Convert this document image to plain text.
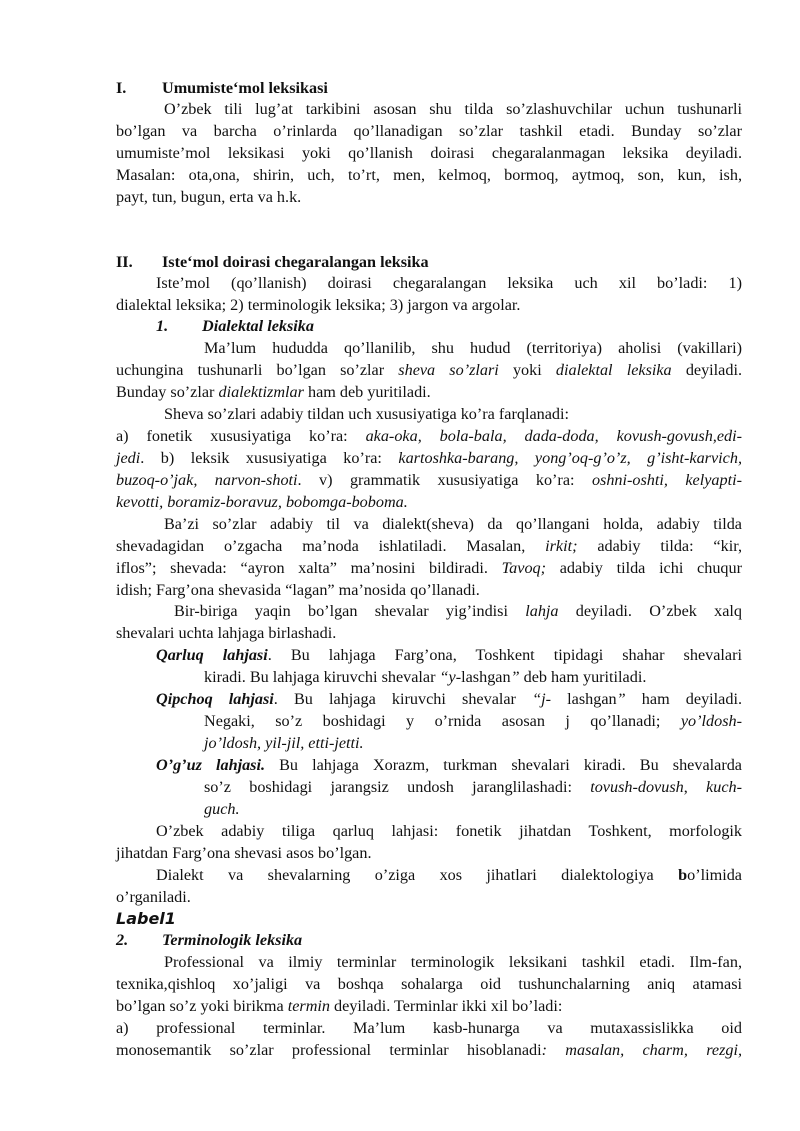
I. Umumiste‘mol leksikasi
O’zbek tili lug’at tarkibini asosan shu tilda so’zlashuvchilar uchun tushunarli
bo’lgan va barcha o’rinlarda qo’llanadigan so’zlar tashkil etadi. Bunday so’zlar
umumiste’mol leksikasi yoki qo’llanish doirasi chegaralanmagan leksika deyiladi.
Masalan: ota,ona, shirin, uch, to’rt, men, kelmoq, bormoq, aytmoq, son, kun, ish,
payt, tun, bugun, erta va h.k.
II. Iste‘mol doirasi chegaralangan leksika
Iste’mol (qo’llanish) doirasi chegaralangan leksika uch xil bo’ladi: 1)
dialektal leksika; 2) terminologik leksika; 3) jargon va argolar.
1. Dialektal leksika
Ma’lum hududda qo’llanilib, shu hudud (territoriya) aholisi (vakillari)
uchungina tushunarli bo’lgan so’zlar sheva so’zlari yoki dialektal leksika deyiladi.
Bunday so’zlar dialektizmlar ham deb yuritiladi.
Sheva so’zlari adabiy tildan uch xususiyatiga ko’ra farqlanadi:
a) fonetik xususiyatiga ko’ra: aka-oka, bola-bala, dada-doda, kovush-govush,edi-
jedi. b) leksik xususiyatiga ko’ra: kartoshka-barang, yong’oq-g’o’z, g’isht-karvich,
buzoq-o’jak, narvon-shoti. v) grammatik xususiyatiga ko’ra: oshni-oshti, kelyapti-
kevotti, boramiz-boravuz, bobomga-boboma.
Ba’zi so’zlar adabiy til va dialekt(sheva) da qo’llangani holda, adabiy tilda
shevadagidan o’zgacha ma’noda ishlatiladi. Masalan, irkit; adabiy tilda: “kir,
iflos”; shevada: “ayron xalta” ma’nosini bildiradi. Tavoq; adabiy tilda ichi chuqur
idish; Farg’ona shevasida “lagan” ma’nosida qo’llanadi.
Bir-biriga yaqin bo’lgan shevalar yig’indisi lahja deyiladi. O’zbek xalq
shevalari uchta lahjaga birlashadi.
Qarluq lahjasi. Bu lahjaga Farg’ona, Toshkent tipidagi shahar shevalari
kiradi. Bu lahjaga kiruvchi shevalar “y-lashgan” deb ham yuritiladi.
Qipchoq lahjasi. Bu lahjaga kiruvchi shevalar “j- lashgan” ham deyiladi.
Negaki, so’z boshidagi y o’rnida asosan j qo’llanadi; yo’ldosh-
jo’ldosh, yil-jil, etti-jetti.
O’g’uz lahjasi. Bu lahjaga Xorazm, turkman shevalari kiradi. Bu shevalarda
so’z boshidagi jarangsiz undosh jaranglilashadi: tovush-dovush, kuch-
guch.
O’zbek adabiy tiliga qarluq lahjasi: fonetik jihatdan Toshkent, morfologik
jihatdan Farg’ona shevasi asos bo’lgan.
Dialekt va shevalarning o’ziga xos jihatlari dialektologiya bo’limida
o’rganiladi.
Label1
2. Terminologik leksika
Professional va ilmiy terminlar terminologik leksikani tashkil etadi. Ilm-fan,
texnika,qishloq xo’jaligi va boshqa sohalarga oid tushunchalarning aniq atamasi
bo’lgan so’z yoki birikma termin deyiladi. Terminlar ikki xil bo’ladi:
a) professional terminlar. Ma’lum kasb-hunarga va mutaxassislikka oid
monosemantik so’zlar professional terminlar hisoblanadi: masalan, charm, rezgi,
